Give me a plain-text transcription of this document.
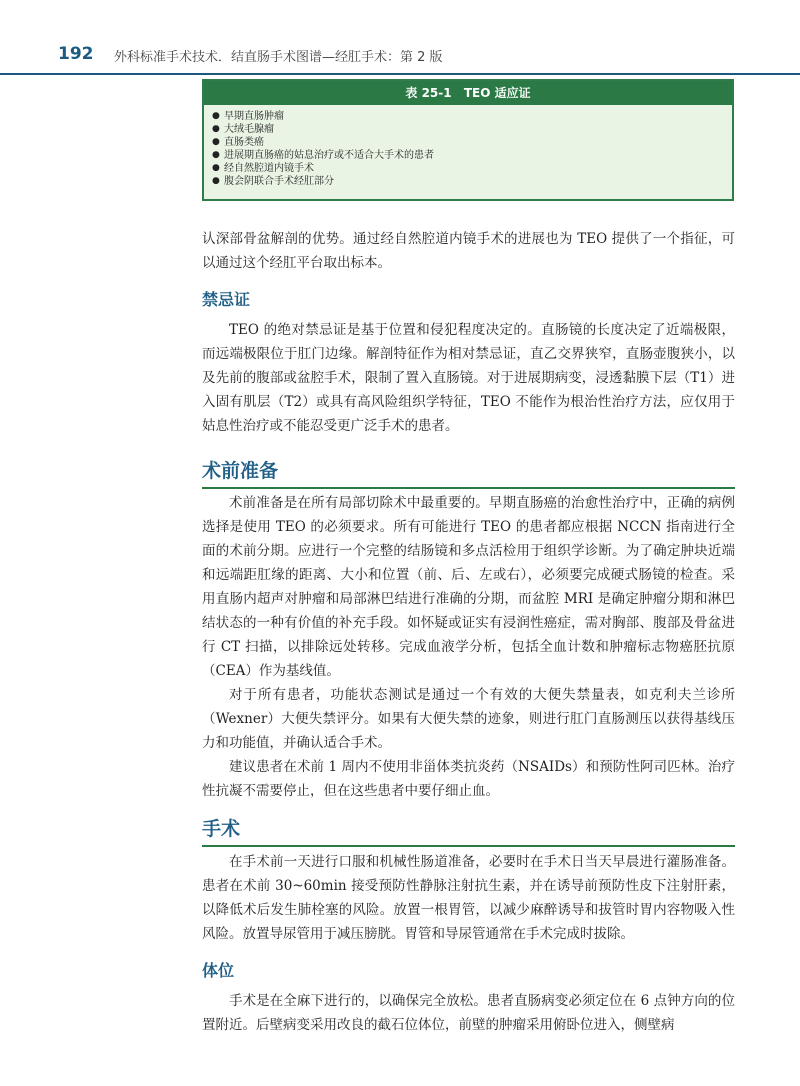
192 外科标准手术技术．结直肠手术图谱—经肛手术：第 2 版
表 25-1 TEO 适应证
● 早期直肠肿瘤
● 大绒毛腺瘤
● 直肠类癌
● 进展期直肠癌的姑息治疗或不适合大手术的患者
● 经自然腔道内镜手术
● 腹会阴联合手术经肛部分

认深部骨盆解剖的优势。通过经自然腔道内镜手术的进展也为 TEO 提供了一个指征，可以通过这个经肛平台取出标本。

禁忌证

TEO 的绝对禁忌证是基于位置和侵犯程度决定的。直肠镜的长度决定了近端极限，而远端极限位于肛门边缘。解剖特征作为相对禁忌证，直乙交界狭窄，直肠壶腹狭小，以及先前的腹部或盆腔手术，限制了置入直肠镜。对于进展期病变，浸透黏膜下层（T1）进入固有肌层（T2）或具有高风险组织学特征，TEO 不能作为根治性治疗方法，应仅用于姑息性治疗或不能忍受更广泛手术的患者。

术前准备

术前准备是在所有局部切除术中最重要的。早期直肠癌的治愈性治疗中，正确的病例选择是使用 TEO 的必须要求。所有可能进行 TEO 的患者都应根据 NCCN 指南进行全面的术前分期。应进行一个完整的结肠镜和多点活检用于组织学诊断。为了确定肿块近端和远端距肛缘的距离、大小和位置（前、后、左或右），必须要完成硬式肠镜的检查。采用直肠内超声对肿瘤和局部淋巴结进行准确的分期，而盆腔 MRI 是确定肿瘤分期和淋巴结状态的一种有价值的补充手段。如怀疑或证实有浸润性癌症，需对胸部、腹部及骨盆进行 CT 扫描，以排除远处转移。完成血液学分析，包括全血计数和肿瘤标志物癌胚抗原（CEA）作为基线值。

对于所有患者，功能状态测试是通过一个有效的大便失禁量表，如克利夫兰诊所（Wexner）大便失禁评分。如果有大便失禁的迹象，则进行肛门直肠测压以获得基线压力和功能值，并确认适合手术。

建议患者在术前 1 周内不使用非甾体类抗炎药（NSAIDs）和预防性阿司匹林。治疗性抗凝不需要停止，但在这些患者中要仔细止血。

手术

在手术前一天进行口服和机械性肠道准备，必要时在手术日当天早晨进行灌肠准备。患者在术前 30~60min 接受预防性静脉注射抗生素，并在诱导前预防性皮下注射肝素，以降低术后发生肺栓塞的风险。放置一根胃管，以减少麻醉诱导和拔管时胃内容物吸入性风险。放置导尿管用于减压膀胱。胃管和导尿管通常在手术完成时拔除。

体位

手术是在全麻下进行的，以确保完全放松。患者直肠病变必须定位在 6 点钟方向的位置附近。后壁病变采用改良的截石位体位，前壁的肿瘤采用俯卧位进入，侧壁病
